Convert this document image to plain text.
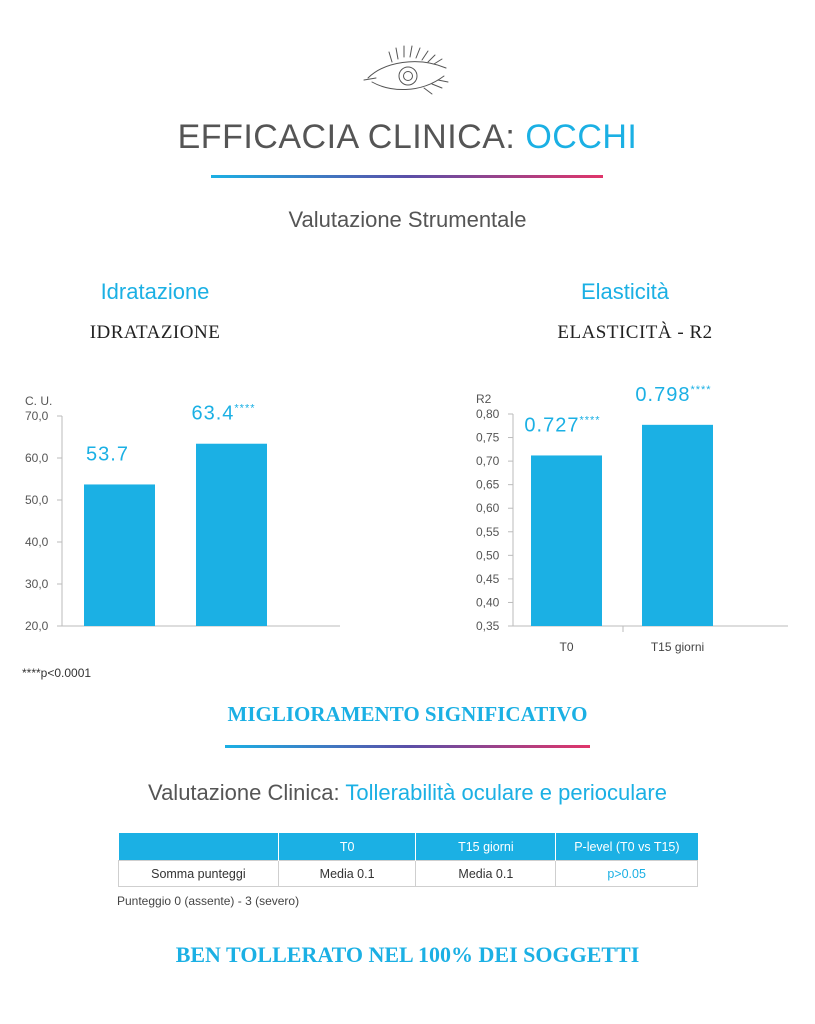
EFFICACIA CLINICA: OCCHI
Valutazione Strumentale
Idratazione	Elasticità
IDRATAZIONE	ELASTICITÀ - R2
C. U.
20,0
30,0
40,0
50,0
60,0
70,0
53.7
63.4****
R2
0,35
0,40
0,45
0,50
0,55
0,60
0,65
0,70
0,75
0,80
0.727****
T0
0.798****
T15 giorni
****p<0.0001
MIGLIORAMENTO SIGNIFICATIVO
Valutazione Clinica: Tollerabilità oculare e perioculare
	T0	T15 giorni	P-level (T0 vs T15)
Somma punteggi	Media 0.1	Media 0.1	p>0.05
Punteggio 0 (assente) - 3 (severo)
BEN TOLLERATO NEL 100% DEI SOGGETTI
